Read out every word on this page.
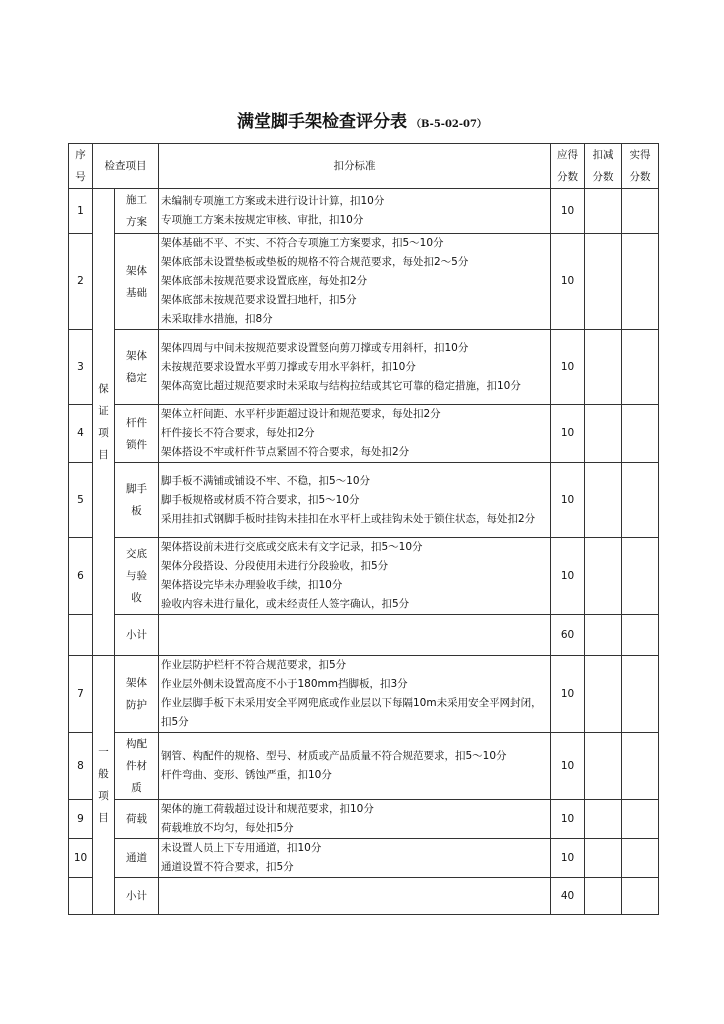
满堂脚手架检查评分表 （B-5-02-07）
序号	检查项目		扣分标准	应得分数	扣减分数	实得分数
1	保证项目	施工方案	未编制专项施工方案或未进行设计计算，扣10分
专项施工方案未按规定审核、审批，扣10分	10		
2		架体基础	架体基础不平、不实、不符合专项施工方案要求，扣5～10分
架体底部未设置垫板或垫板的规格不符合规范要求，每处扣2～5分
架体底部未按规范要求设置底座，每处扣2分
架体底部未按规范要求设置扫地杆，扣5分
未采取排水措施，扣8分	10		
3		架体稳定	架体四周与中间未按规范要求设置竖向剪刀撑或专用斜杆，扣10分
未按规范要求设置水平剪刀撑或专用水平斜杆，扣10分
架体高宽比超过规范要求时未采取与结构拉结或其它可靠的稳定措施，扣10分	10		
4		杆件锁件	架体立杆间距、水平杆步距超过设计和规范要求，每处扣2分
杆件接长不符合要求，每处扣2分
架体搭设不牢或杆件节点紧固不符合要求，每处扣2分	10		
5		脚手板	脚手板不满铺或铺设不牢、不稳，扣5～10分
脚手板规格或材质不符合要求，扣5～10分
采用挂扣式钢脚手板时挂钩未挂扣在水平杆上或挂钩未处于锁住状态，每处扣2分	10		
6		交底与验收	架体搭设前未进行交底或交底未有文字记录，扣5～10分
架体分段搭设、分段使用未进行分段验收，扣5分
架体搭设完毕未办理验收手续，扣10分
验收内容未进行量化，或未经责任人签字确认，扣5分	10		
		小计		60		
7	一般项目	架体防护	作业层防护栏杆不符合规范要求，扣5分
作业层外侧未设置高度不小于180mm挡脚板，扣3分
作业层脚手板下未采用安全平网兜底或作业层以下每隔10m未采用安全平网封闭，扣5分	10		
8		构配件材质	钢管、构配件的规格、型号、材质或产品质量不符合规范要求，扣5～10分
杆件弯曲、变形、锈蚀严重，扣10分	10		
9		荷载	架体的施工荷载超过设计和规范要求，扣10分
荷载堆放不均匀，每处扣5分	10		
10		通道	未设置人员上下专用通道，扣10分
通道设置不符合要求，扣5分	10		
		小计		40		
